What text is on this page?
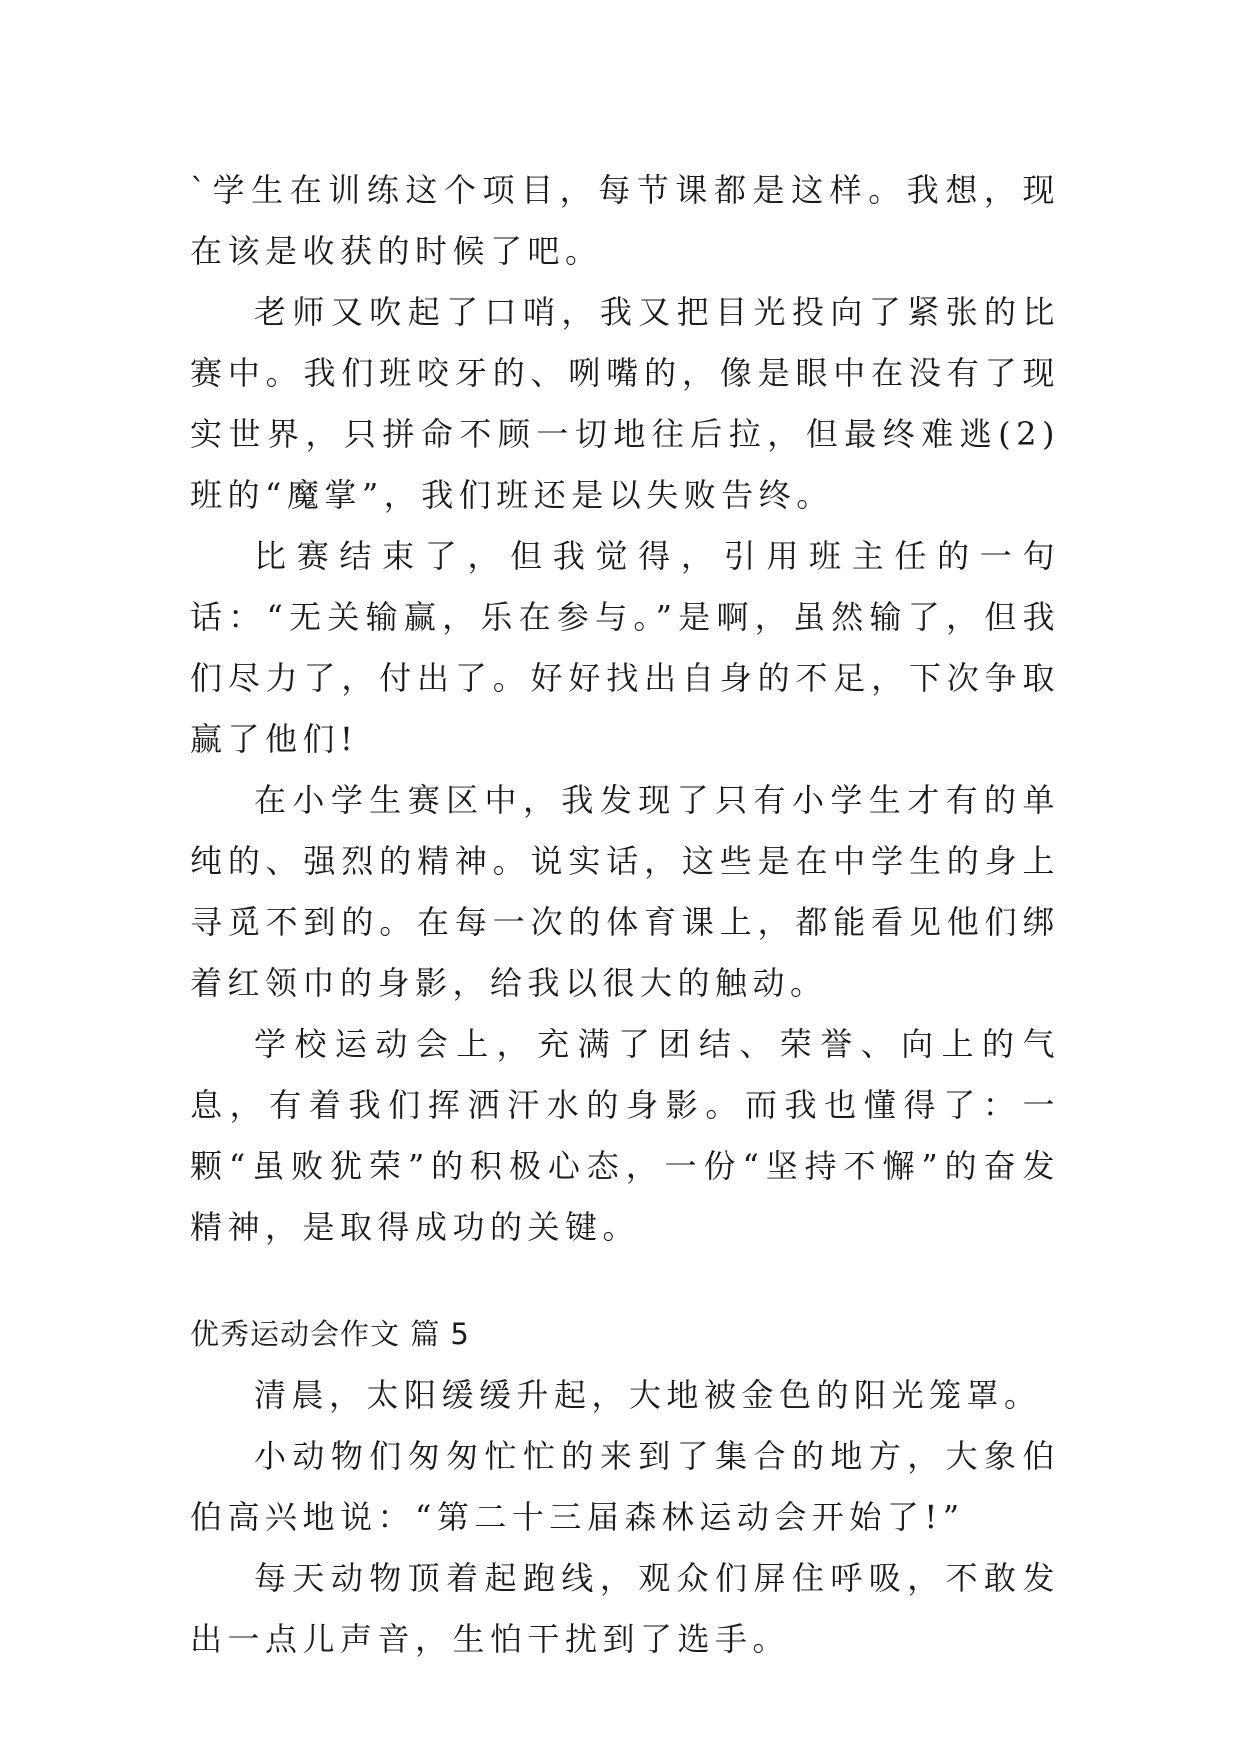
`学生在训练这个项目，每节课都是这样。我想，现在该是收获的时候了吧。

老师又吹起了口哨，我又把目光投向了紧张的比赛中。我们班咬牙的、咧嘴的，像是眼中在没有了现实世界，只拼命不顾一切地往后拉，但最终难逃(2)班的“魔掌”，我们班还是以失败告终。

比赛结束了，但我觉得，引用班主任的一句话：“无关输赢，乐在参与。”是啊，虽然输了，但我们尽力了，付出了。好好找出自身的不足，下次争取赢了他们!

在小学生赛区中，我发现了只有小学生才有的单纯的、强烈的精神。说实话，这些是在中学生的身上寻觅不到的。在每一次的体育课上，都能看见他们绑着红领巾的身影，给我以很大的触动。

学校运动会上，充满了团结、荣誉、向上的气息，有着我们挥洒汗水的身影。而我也懂得了：一颗“虽败犹荣”的积极心态，一份“坚持不懈”的奋发精神，是取得成功的关键。

优秀运动会作文 篇 5

清晨，太阳缓缓升起，大地被金色的阳光笼罩。

小动物们匆匆忙忙的来到了集合的地方，大象伯伯高兴地说：“第二十三届森林运动会开始了!”

每天动物顶着起跑线，观众们屏住呼吸，不敢发出一点儿声音，生怕干扰到了选手。
